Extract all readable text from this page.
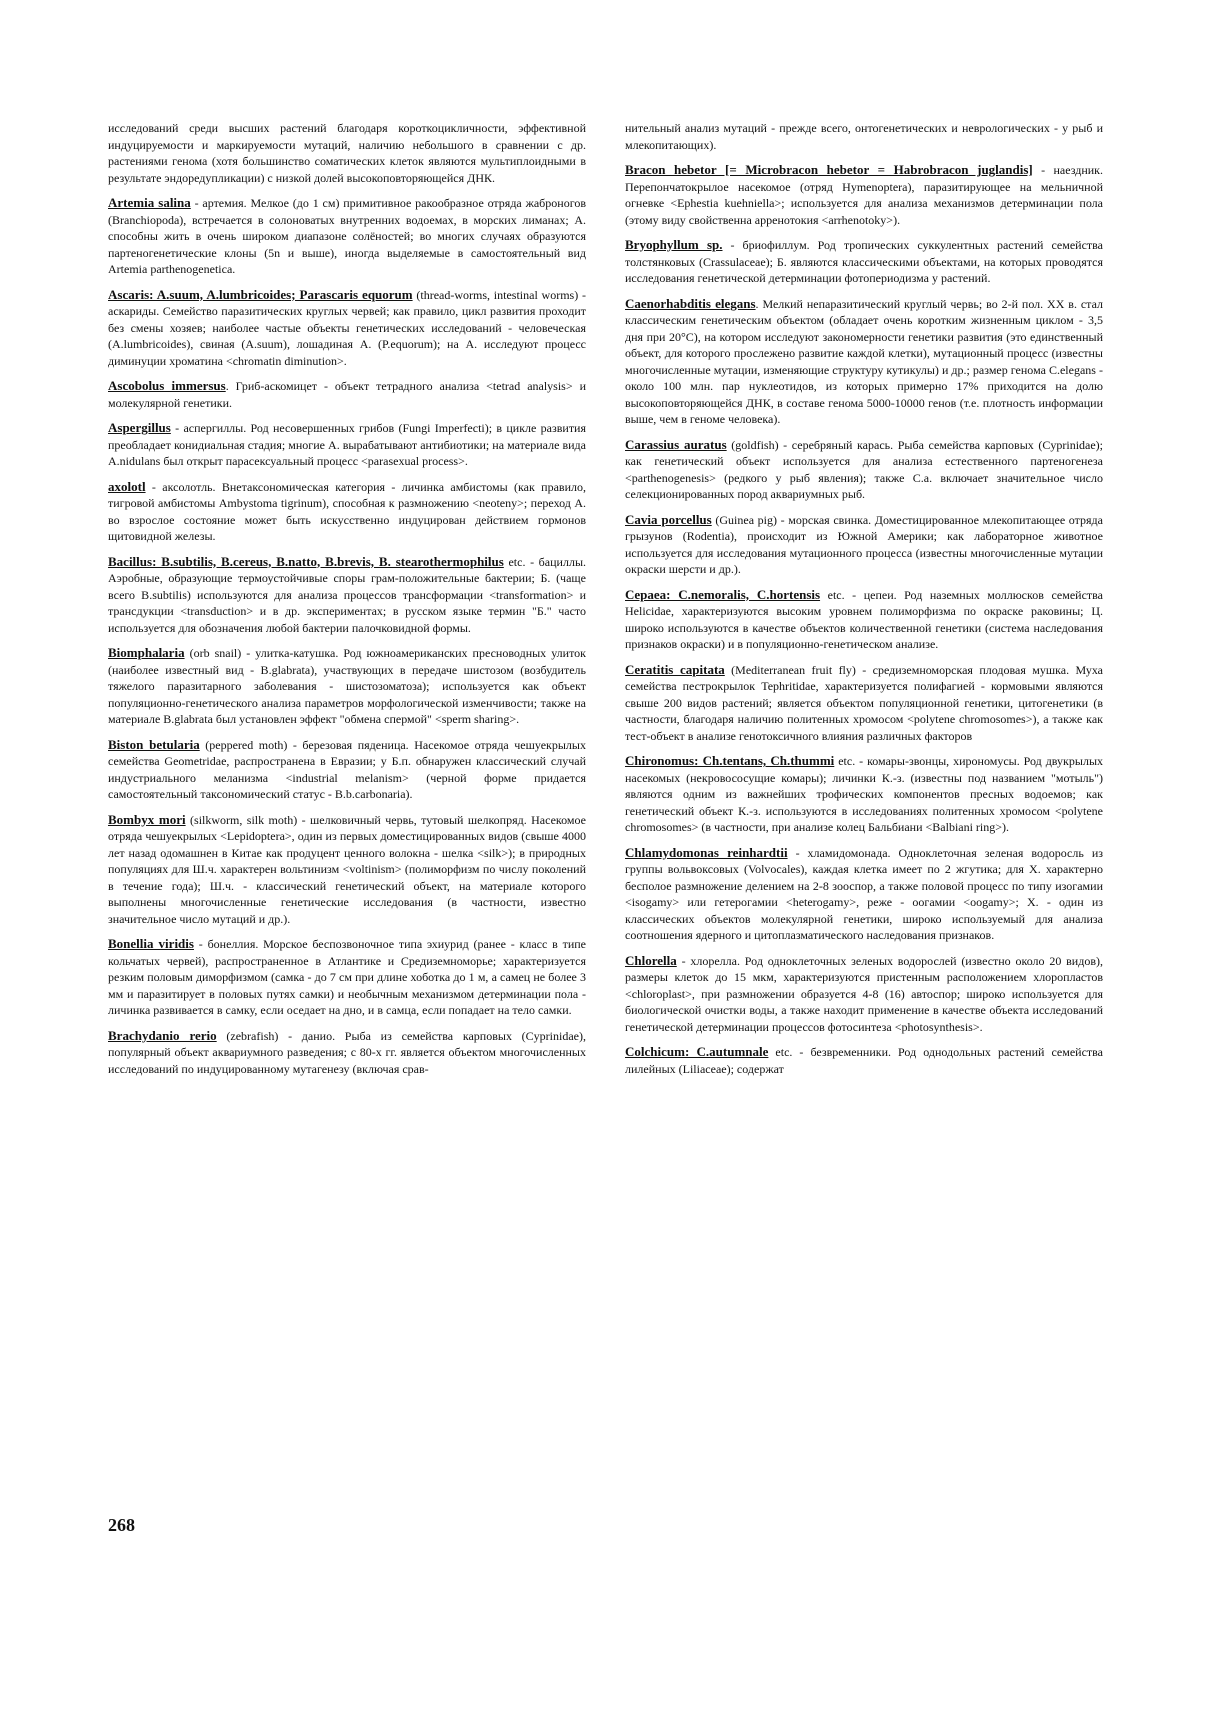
исследований среди высших растений благодаря короткоцикличности, эффективной индуцируемости и маркируемости мутаций, наличию небольшого в сравнении с др. растениями генома (хотя большинство соматических клеток являются мультиплоидными в результате эндоредупликации) с низкой долей высокоповторяющейся ДНК.

Artemia salina - артемия. Мелкое (до 1 см) примитивное ракообразное отряда жаброногов (Branchiopoda), встречается в солоноватых внутренних водоемах, в морских лиманах; А. способны жить в очень широком диапазоне солёностей; во многих случаях образуются партеногенетические клоны (5n и выше), иногда выделяемые в самостоятельный вид Artemia parthenogenetica.

Ascaris: A.suum, A.lumbricoides; Parascaris equorum (thread-worms, intestinal worms) - аскариды. Семейство паразитических круглых червей; как правило, цикл развития проходит без смены хозяев; наиболее частые объекты генетических исследований - человеческая (A.lumbricoides), свиная (A.suum), лошадиная А. (P.equorum); на А. исследуют процесс диминуции хроматина <chromatin diminution>.

Ascobolus immersus. Гриб-аскомицет - объект тетрадного анализа <tetrad analysis> и молекулярной генетики.

Aspergillus - аспергиллы. Род несовершенных грибов (Fungi Imperfecti); в цикле развития преобладает конидиальная стадия; многие А. вырабатывают антибиотики; на материале вида A.nidulans был открыт парасексуальный процесс <parasexual process>.

axolotl - аксолотль. Внетаксономическая категория - личинка амбистомы (как правило, тигровой амбистомы Ambystoma tigrinum), способная к размножению <neoteny>; переход А. во взрослое состояние может быть искусственно индуцирован действием гормонов щитовидной железы.

Bacillus: B.subtilis, B.cereus, B.natto, B.brevis, B. stearothermophilus etc. - бациллы. Аэробные, образующие термоустойчивые споры грам-положительные бактерии; Б. (чаще всего B.subtilis) используются для анализа процессов трансформации <transformation> и трансдукции <transduction> и в др. экспериментах; в русском языке термин "Б." часто используется для обозначения любой бактерии палочковидной формы.

Biomphalaria (orb snail) - улитка-катушка. Род южноамериканских пресноводных улиток (наиболее известный вид - B.glabrata), участвующих в передаче шистозом (возбудитель тяжелого паразитарного заболевания - шистозоматоза); используется как объект популяционно-генетического анализа параметров морфологической изменчивости; также на материале B.glabrata был установлен эффект "обмена спермой" <sperm sharing>.

Biston betularia (peppered moth) - березовая пяденица. Насекомое отряда чешуекрылых семейства Geometridae, распространена в Евразии; у Б.п. обнаружен классический случай индустриального меланизма <industrial melanism> (черной форме придается самостоятельный таксономический статус - B.b.carbonaria).

Bombyx mori (silkworm, silk moth) - шелковичный червь, тутовый шелкопряд. Насекомое отряда чешуекрылых <Lepidoptera>, один из первых доместицированных видов (свыше 4000 лет назад одомашнен в Китае как продуцент ценного волокна - шелка <silk>); в природных популяциях для Ш.ч. характерен вольтинизм <voltinism> (полиморфизм по числу поколений в течение года); Ш.ч. - классический генетический объект, на материале которого выполнены многочисленные генетические исследования (в частности, известно значительное число мутаций и др.).

Bonellia viridis - бонеллия. Морское беспозвоночное типа эхиурид (ранее - класс в типе кольчатых червей), распространенное в Атлантике и Средиземноморье; характеризуется резким половым диморфизмом (самка - до 7 см при длине хоботка до 1 м, а самец не более 3 мм и паразитирует в половых путях самки) и необычным механизмом детерминации пола - личинка развивается в самку, если оседает на дно, и в самца, если попадает на тело самки.

Brachydanio rerio (zebrafish) - данио. Рыба из семейства карповых (Cyprinidae), популярный объект аквариумного разведения; с 80-х гг. является объектом многочисленных исследований по индуцированному мутагенезу (включая срав-

нительный анализ мутаций - прежде всего, онтогенетических и неврологических - у рыб и млекопитающих).

Bracon hebetor [= Microbracon hebetor = Habrobracon juglandis] - наездник. Перепончатокрылое насекомое (отряд Hymenoptera), паразитирующее на мельничной огневке <Ephestia kuehniella>; используется для анализа механизмов детерминации пола (этому виду свойственна арренотокия <arrhenotoky>).

Bryophyllum sp. - бриофиллум. Род тропических суккулентных растений семейства толстянковых (Crassulaceae); Б. являются классическими объектами, на которых проводятся исследования генетической детерминации фотопериодизма у растений.

Caenorhabditis elegans. Мелкий непаразитический круглый червь; во 2-й пол. XX в. стал классическим генетическим объектом (обладает очень коротким жизненным циклом - 3,5 дня при 20°C), на котором исследуют закономерности генетики развития (это единственный объект, для которого прослежено развитие каждой клетки), мутационный процесс (известны многочисленные мутации, изменяющие структуру кутикулы) и др.; размер генома C.elegans - около 100 млн. пар нуклеотидов, из которых примерно 17% приходится на долю высокоповторяющейся ДНК, в составе генома 5000-10000 генов (т.е. плотность информации выше, чем в геноме человека).

Carassius auratus (goldfish) - серебряный карась. Рыба семейства карповых (Cyprinidae); как генетический объект используется для анализа естественного партеногенеза <parthenogenesis> (редкого у рыб явления); также С.а. включает значительное число селекционированных пород аквариумных рыб.

Cavia porcellus (Guinea pig) - морская свинка. Доместицированное млекопитающее отряда грызунов (Rodentia), происходит из Южной Америки; как лабораторное животное используется для исследования мутационного процесса (известны многочисленные мутации окраски шерсти и др.).

Cepaea: C.nemoralis, C.hortensis etc. - цепеи. Род наземных моллюсков семейства Helicidae, характеризуются высоким уровнем полиморфизма по окраске раковины; Ц. широко используются в качестве объектов количественной генетики (система наследования признаков окраски) и в популяционно-генетическом анализе.

Ceratitis capitata (Mediterranean fruit fly) - средиземноморская плодовая мушка. Муха семейства пестрокрылок Tephritidae, характеризуется полифагией - кормовыми являются свыше 200 видов растений; является объектом популяционной генетики, цитогенетики (в частности, благодаря наличию политенных хромосом <polytene chromosomes>), а также как тест-объект в анализе генотоксичного влияния различных факторов

Chironomus: Ch.tentans, Ch.thummi etc. - комары-звонцы, хирономусы. Род двукрылых насекомых (некровососущие комары); личинки К.-з. (известны под названием "мотыль") являются одним из важнейших трофических компонентов пресных водоемов; как генетический объект К.-з. используются в исследованиях политенных хромосом <polytene chromosomes> (в частности, при анализе колец Бальбиани <Balbiani ring>).

Chlamydomonas reinhardtii - хламидомонада. Одноклеточная зеленая водоросль из группы вольвоксовых (Volvocales), каждая клетка имеет по 2 жгутика; для Х. характерно бесполое размножение делением на 2-8 зооспор, а также половой процесс по типу изогамии <isogamy> или гетерогамии <heterogamy>, реже - оогамии <oogamy>; Х. - один из классических объектов молекулярной генетики, широко используемый для анализа соотношения ядерного и цитоплазматического наследования признаков.

Chlorella - хлорелла. Род одноклеточных зеленых водорослей (известно около 20 видов), размеры клеток до 15 мкм, характеризуются пристенным расположением хлоропластов <chloroplast>, при размножении образуется 4-8 (16) автоспор; широко используется для биологической очистки воды, а также находит применение в качестве объекта исследований генетической детерминации процессов фотосинтеза <photosynthesis>.

Colchicum: C.autumnale etc. - безвременники. Род однодольных растений семейства лилейных (Liliaceae); содержат

268
